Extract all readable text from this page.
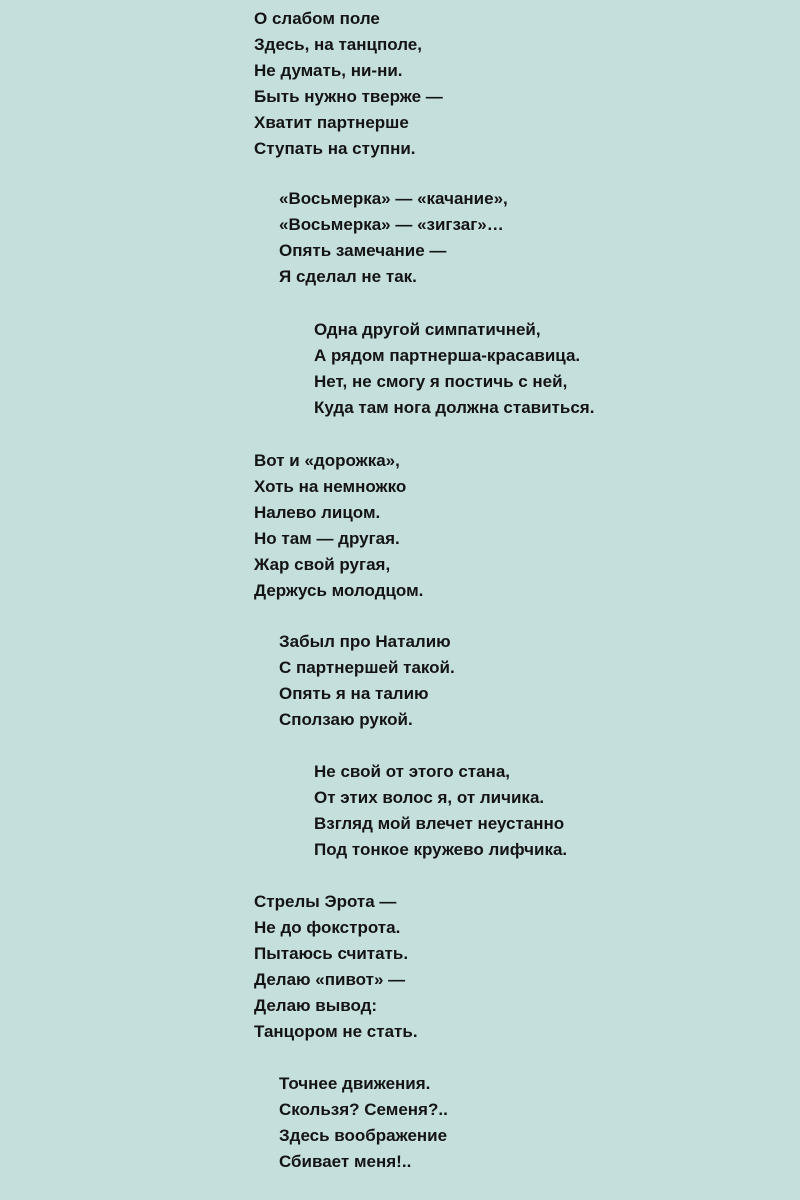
О слабом поле
Здесь, на танцполе,
Не думать, ни-ни.
Быть нужно тверже —
Хватит партнерше
Ступать на ступни.
«Восьмерка» — «качание»,
«Восьмерка» — «зигзаг»…
Опять замечание —
Я сделал не так.
Одна другой симпатичней,
А рядом партнерша-красавица.
Нет, не смогу я постичь с ней,
Куда там нога должна ставиться.
Вот и «дорожка»,
Хоть на немножко
Налево лицом.
Но там — другая.
Жар свой ругая,
Держусь молодцом.
Забыл про Наталию
С партнершей такой.
Опять я на талию
Сползаю рукой.
Не свой от этого стана,
От этих волос я, от личика.
Взгляд мой влечет неустанно
Под тонкое кружево лифчика.
Стрелы Эрота —
Не до фокстрота.
Пытаюсь считать.
Делаю «пивот» —
Делаю вывод:
Танцором не стать.
Точнее движения.
Скользя? Семеня?..
Здесь воображение
Сбивает меня!..
